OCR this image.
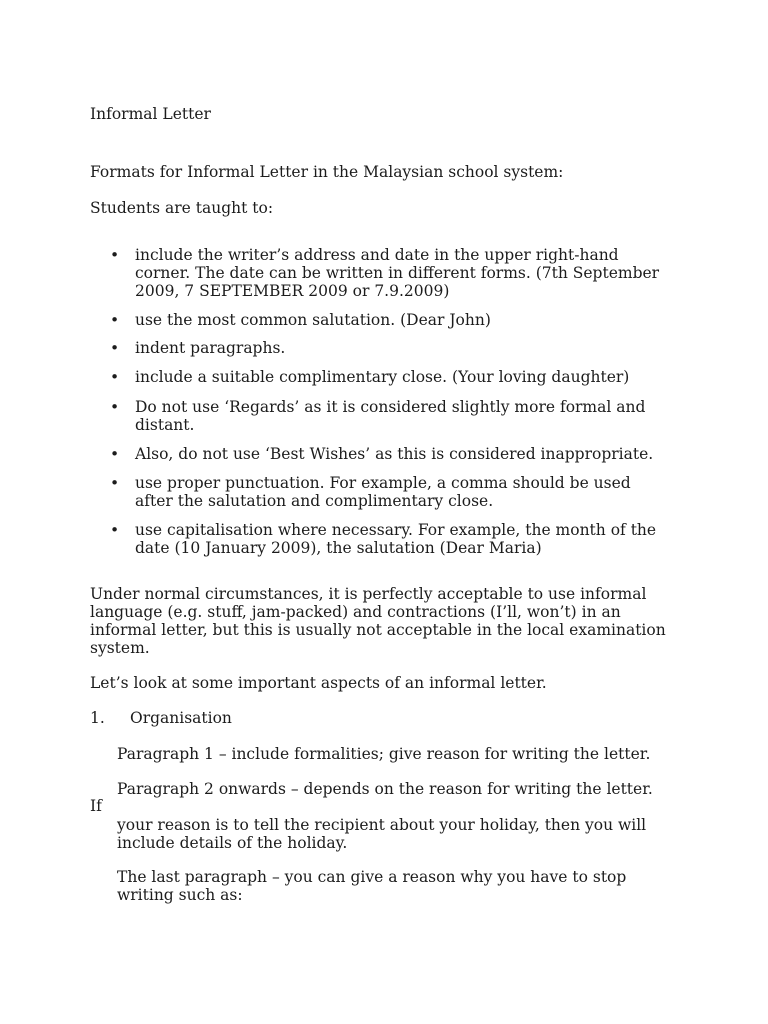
Informal Letter

Formats for Informal Letter in the Malaysian school system:

Students are taught to:

• include the writer’s address and date in the upper right-hand corner. The date can be written in different forms. (7th September 2009, 7 SEPTEMBER 2009 or 7.9.2009)
• use the most common salutation. (Dear John)
• indent paragraphs.
• include a suitable complimentary close. (Your loving daughter)
• Do not use ‘Regards’ as it is considered slightly more formal and distant.
• Also, do not use ‘Best Wishes’ as this is considered inappropriate.
• use proper punctuation. For example, a comma should be used after the salutation and complimentary close.
• use capitalisation where necessary. For example, the month of the date (10 January 2009), the salutation (Dear Maria)

Under normal circumstances, it is perfectly acceptable to use informal language (e.g. stuff, jam-packed) and contractions (I’ll, won’t) in an informal letter, but this is usually not acceptable in the local examination system.

Let’s look at some important aspects of an informal letter.

1. Organisation

Paragraph 1 – include formalities; give reason for writing the letter.

Paragraph 2 onwards – depends on the reason for writing the letter.

If

your reason is to tell the recipient about your holiday, then you will include details of the holiday.

The last paragraph – you can give a reason why you have to stop writing such as:
